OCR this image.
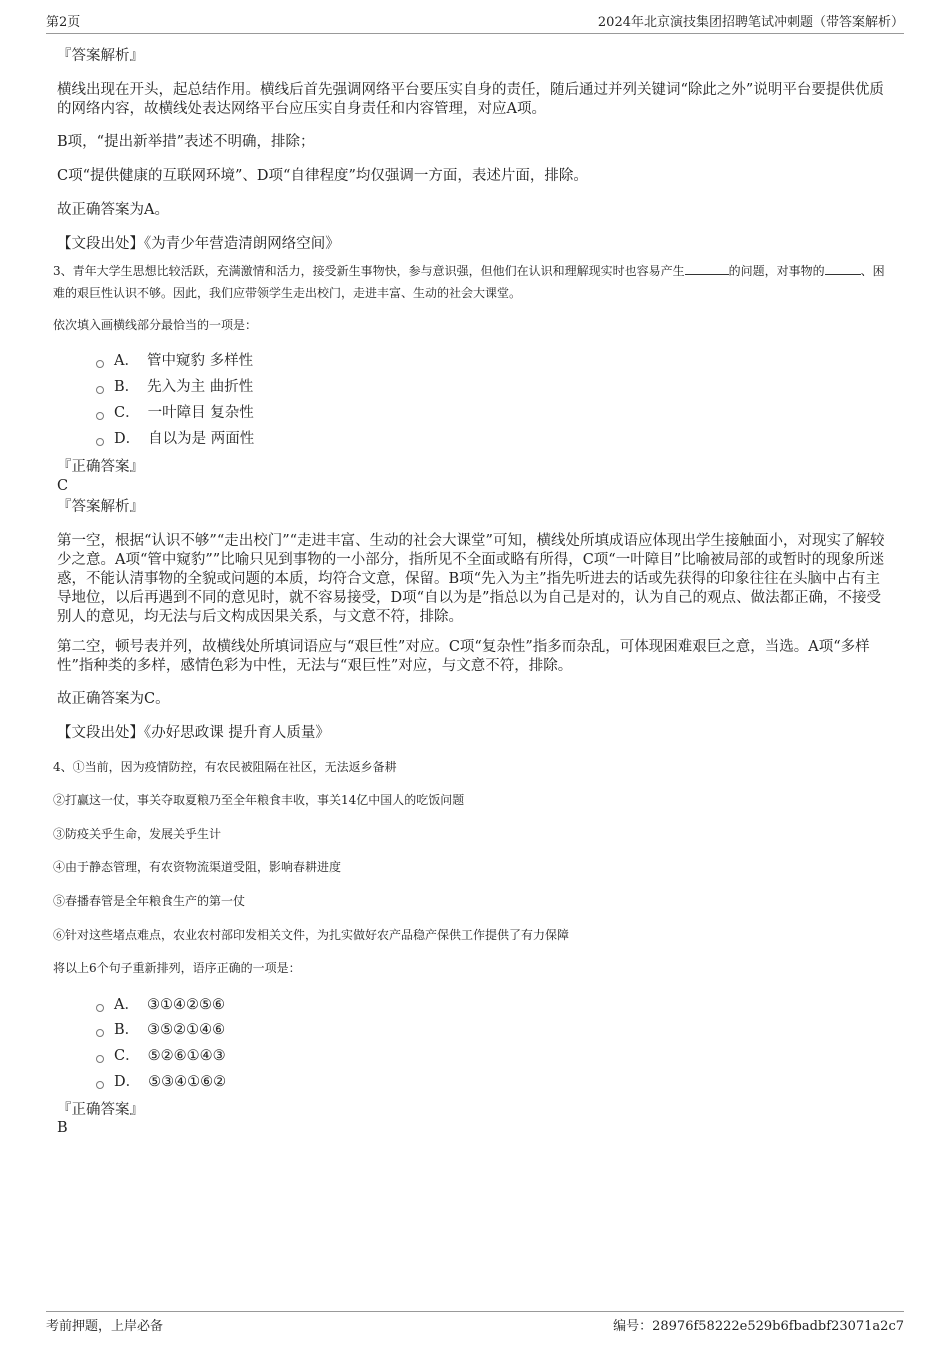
第2页	2024年北京演技集团招聘笔试冲刺题（带答案解析）
『答案解析』
横线出现在开头，起总结作用。横线后首先强调网络平台要压实自身的责任，随后通过并列关键词“除此之外”说明平台要提供优质的网络内容，故横线处表达网络平台应压实自身责任和内容管理，对应A项。
B项，“提出新举措”表述不明确，排除；
C项“提供健康的互联网环境”、D项“自律程度”均仅强调一方面，表述片面，排除。
故正确答案为A。
【文段出处】《为青少年营造清朗网络空间》
3、青年大学生思想比较活跃，充满激情和活力，接受新生事物快，参与意识强，但他们在认识和理解现实时也容易产生	的问题，对事物的	、困难的艰巨性认识不够。因此，我们应带领学生走出校门，走进丰富、生动的社会大课堂。
依次填入画横线部分最恰当的一项是：
A． 管中窥豹 多样性
B． 先入为主 曲折性
C． 一叶障目 复杂性
D． 自以为是 两面性
『正确答案』
C
『答案解析』
第一空，根据“认识不够”“走出校门”“走进丰富、生动的社会大课堂”可知，横线处所填成语应体现出学生接触面小，对现实了解较少之意。A项“管中窥豹””比喻只见到事物的一小部分，指所见不全面或略有所得，C项“一叶障目”比喻被局部的或暂时的现象所迷惑，不能认清事物的全貌或问题的本质，均符合文意，保留。B项“先入为主”指先听进去的话或先获得的印象往往在头脑中占有主导地位，以后再遇到不同的意见时，就不容易接受，D项“自以为是”指总以为自己是对的，认为自己的观点、做法都正确，不接受别人的意见，均无法与后文构成因果关系，与文意不符，排除。
第二空，顿号表并列，故横线处所填词语应与“艰巨性”对应。C项“复杂性”指多而杂乱，可体现困难艰巨之意，当选。A项“多样性”指种类的多样，感情色彩为中性，无法与“艰巨性”对应，与文意不符，排除。
故正确答案为C。
【文段出处】《办好思政课 提升育人质量》
4、①当前，因为疫情防控，有农民被阻隔在社区，无法返乡备耕
②打赢这一仗，事关夺取夏粮乃至全年粮食丰收，事关14亿中国人的吃饭问题
③防疫关乎生命，发展关乎生计
④由于静态管理，有农资物流渠道受阻，影响春耕进度
⑤春播春管是全年粮食生产的第一仗
⑥针对这些堵点难点，农业农村部印发相关文件，为扎实做好农产品稳产保供工作提供了有力保障
将以上6个句子重新排列，语序正确的一项是：
A． ③①④②⑤⑥
B． ③⑤②①④⑥
C． ⑤②⑥①④③
D． ⑤③④①⑥②
『正确答案』
B
考前押题，上岸必备	编号：28976f58222e529b6fbadbf23071a2c7
